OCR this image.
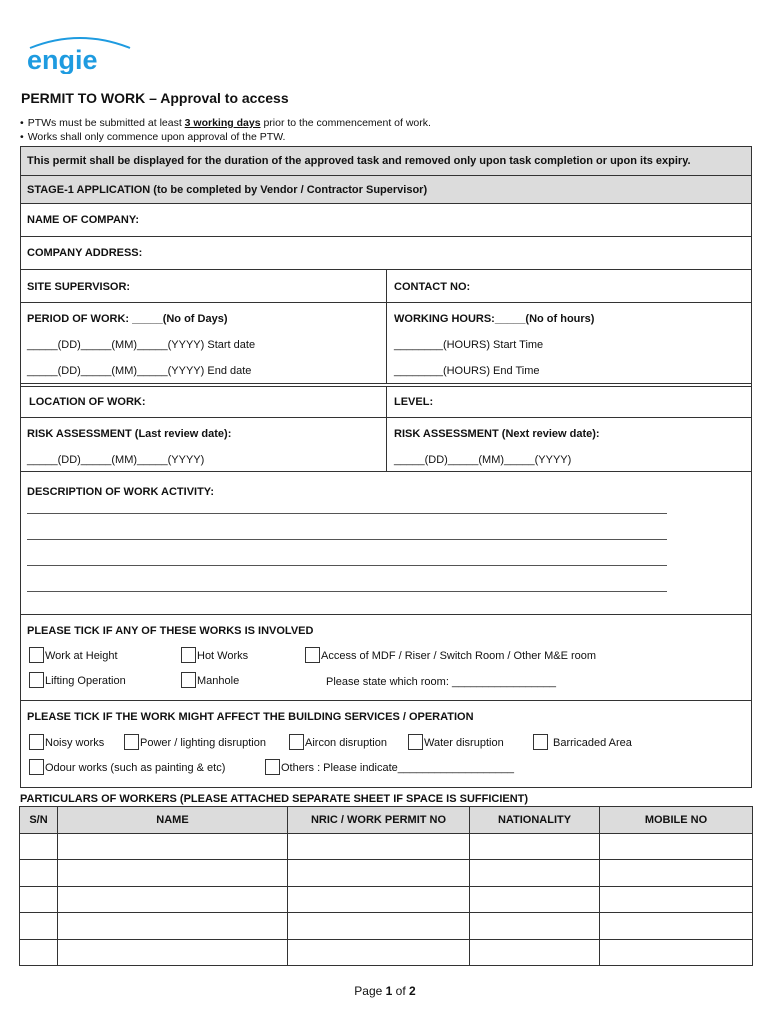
engie
PERMIT TO WORK – Approval to access
• PTWs must be submitted at least 3 working days prior to the commencement of work.
• Works shall only commence upon approval of the PTW.
This permit shall be displayed for the duration of the approved task and removed only upon task completion or upon its expiry.
STAGE-1 APPLICATION (to be completed by Vendor / Contractor Supervisor)
NAME OF COMPANY:
COMPANY ADDRESS:
SITE SUPERVISOR:	CONTACT NO:
PERIOD OF WORK: _____(No of Days)	WORKING HOURS:_____(No of hours)
_____(DD)_____(MM)_____(YYYY) Start date	________(HOURS) Start Time
_____(DD)_____(MM)_____(YYYY) End date	________(HOURS) End Time
LOCATION OF WORK:	LEVEL:
RISK ASSESSMENT (Last review date):	RISK ASSESSMENT (Next review date):
_____(DD)_____(MM)_____(YYYY)	_____(DD)_____(MM)_____(YYYY)
DESCRIPTION OF WORK ACTIVITY:
PLEASE TICK IF ANY OF THESE WORKS IS INVOLVED
Work at Height	Hot Works	Access of MDF / Riser / Switch Room / Other M&E room
Lifting Operation	Manhole	Please state which room: _________________
PLEASE TICK IF THE WORK MIGHT AFFECT THE BUILDING SERVICES / OPERATION
Noisy works	Power / lighting disruption	Aircon disruption	Water disruption	Barricaded Area
Odour works (such as painting & etc)	Others : Please indicate___________________
PARTICULARS OF WORKERS (PLEASE ATTACHED SEPARATE SHEET IF SPACE IS SUFFICIENT)
S/N	NAME	NRIC / WORK PERMIT NO	NATIONALITY	MOBILE NO

Page 1 of 2
